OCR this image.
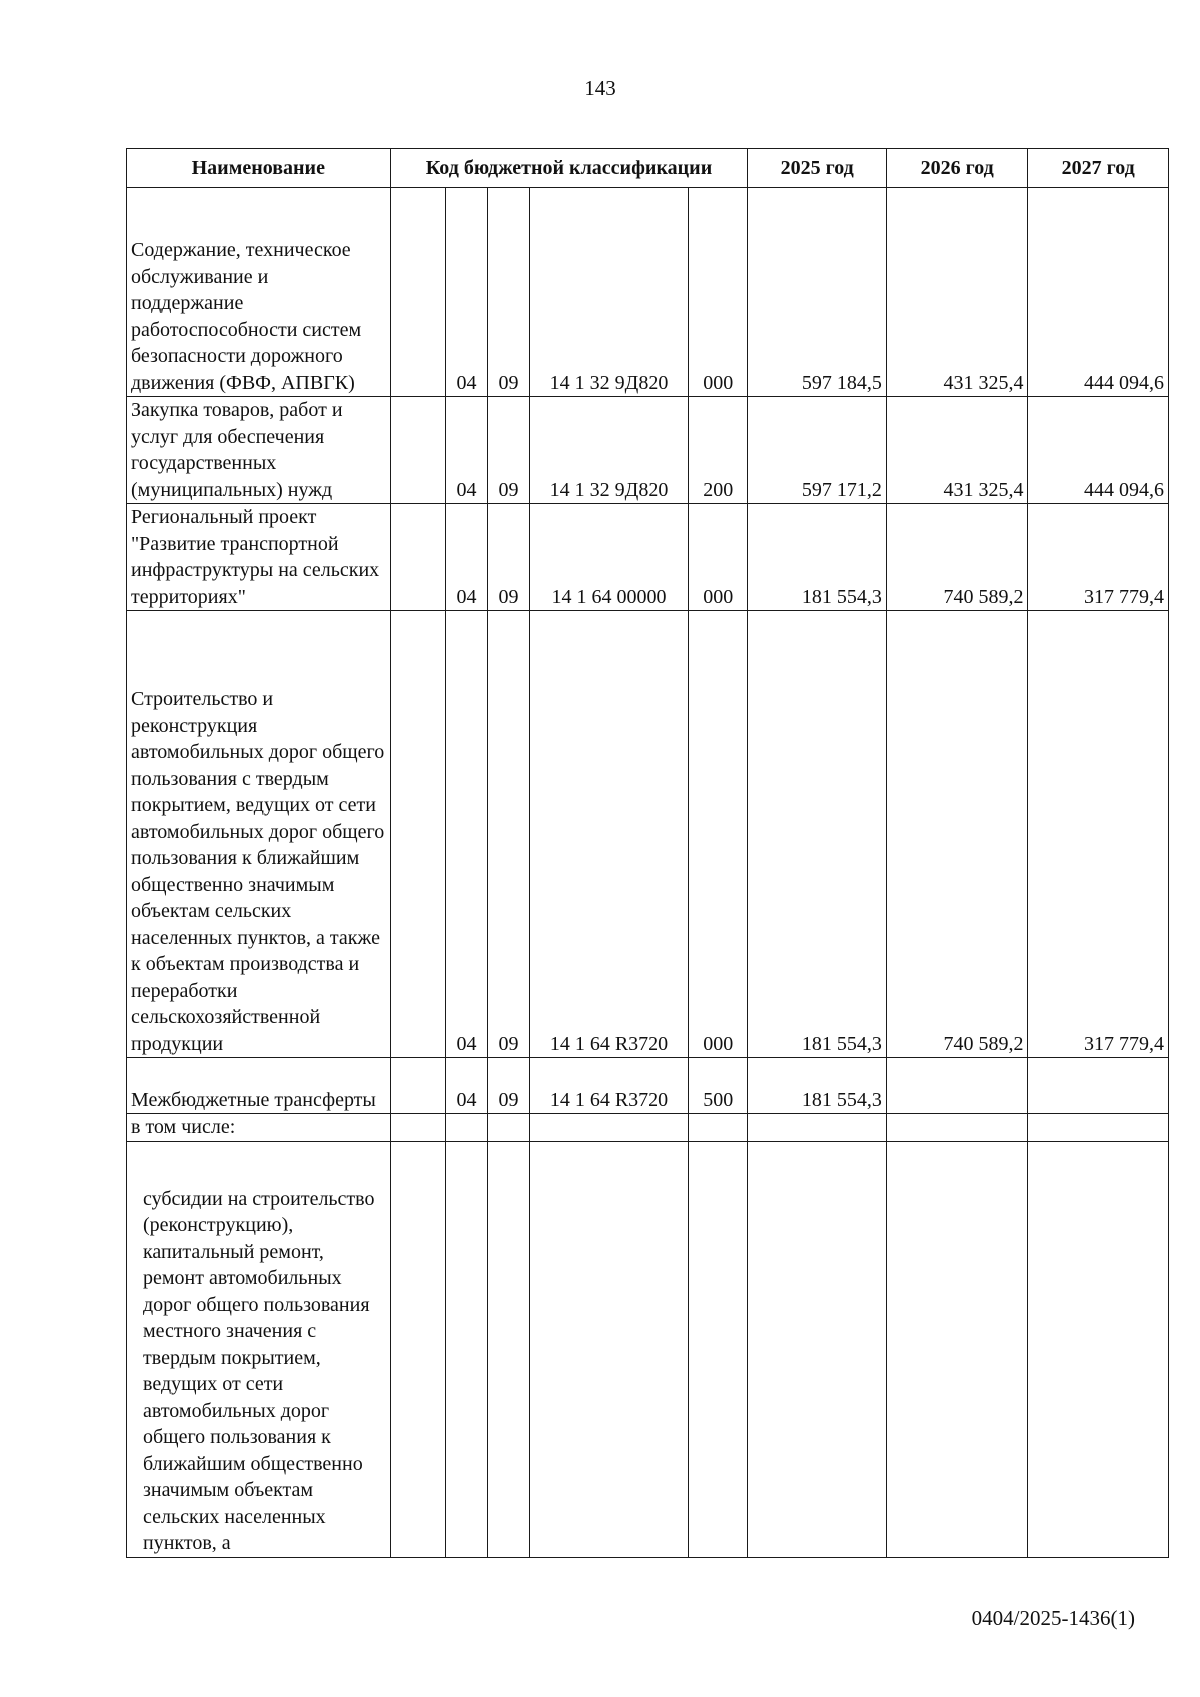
143
Наименование	Код бюджетной классификации					2025 год	2026 год	2027 год
Содержание, техническое обслуживание и поддержание работоспособности систем безопасности дорожного движения (ФВФ, АПВГК)		04	09	14 1 32 9Д820	000	597 184,5	431 325,4	444 094,6
Закупка товаров, работ и услуг для обеспечения государственных (муниципальных) нужд		04	09	14 1 32 9Д820	200	597 171,2	431 325,4	444 094,6
Региональный проект "Развитие транспортной инфраструктуры на сельских территориях"		04	09	14 1 64 00000	000	181 554,3	740 589,2	317 779,4
Строительство и реконструкция автомобильных дорог общего пользования с твердым покрытием, ведущих от сети автомобильных дорог общего пользования к ближайшим общественно значимым объектам сельских населенных пунктов, а также к объектам производства и переработки сельскохозяйственной продукции		04	09	14 1 64 R3720	000	181 554,3	740 589,2	317 779,4
Межбюджетные трансферты		04	09	14 1 64 R3720	500	181 554,3		
в том числе:								
субсидии на строительство (реконструкцию), капитальный ремонт, ремонт автомобильных дорог общего пользования местного значения с твердым покрытием, ведущих от сети автомобильных дорог общего пользования к ближайшим общественно значимым объектам сельских населенных пунктов, а								
0404/2025-1436(1)
